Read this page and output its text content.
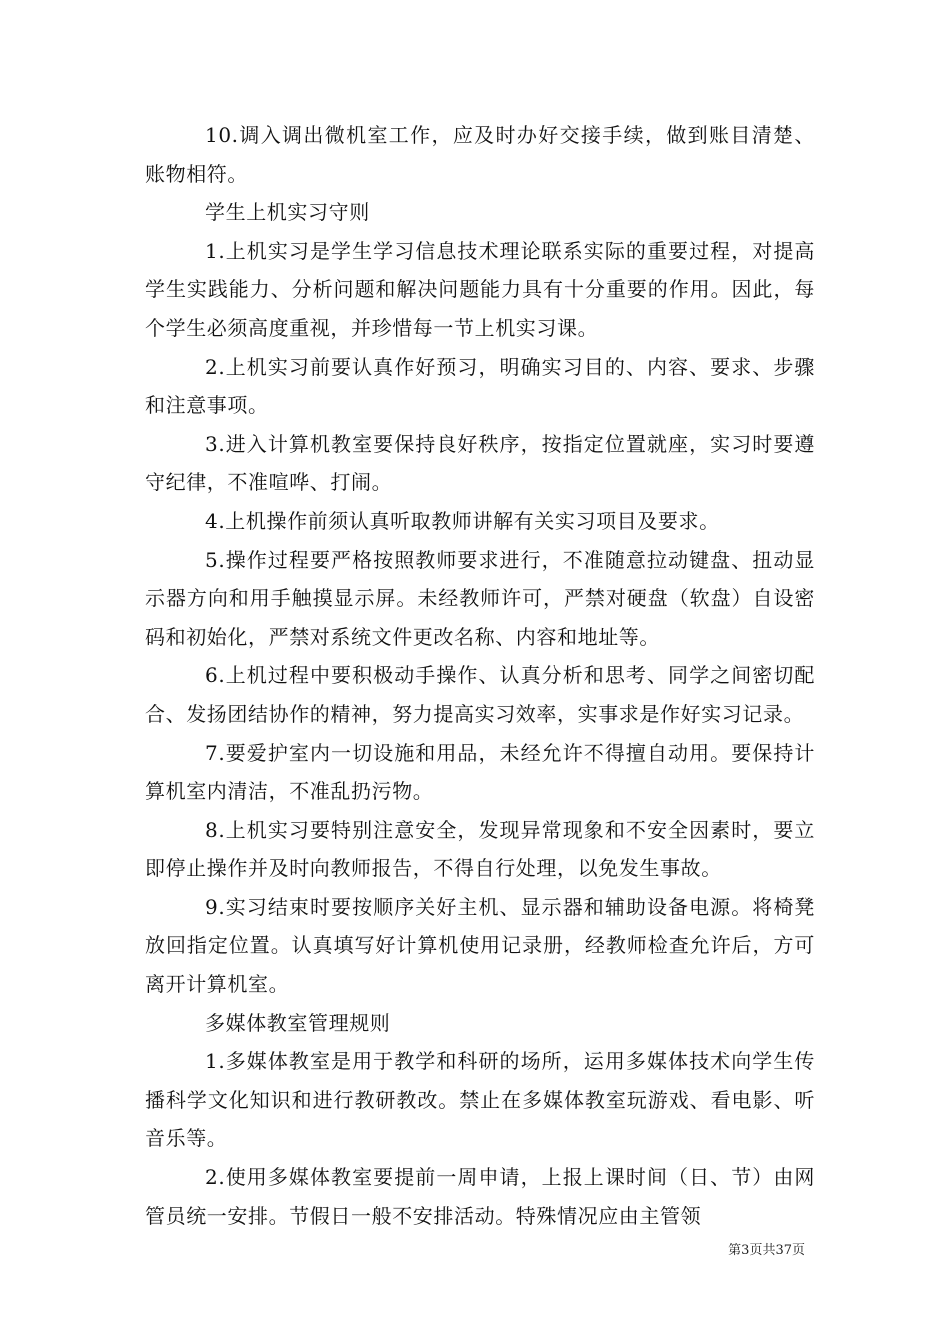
10.调入调出微机室工作，应及时办好交接手续，做到账目清楚、账物相符。

学生上机实习守则

1.上机实习是学生学习信息技术理论联系实际的重要过程，对提高学生实践能力、分析问题和解决问题能力具有十分重要的作用。因此，每个学生必须高度重视，并珍惜每一节上机实习课。

2.上机实习前要认真作好预习，明确实习目的、内容、要求、步骤和注意事项。

3.进入计算机教室要保持良好秩序，按指定位置就座，实习时要遵守纪律，不准喧哗、打闹。

4.上机操作前须认真听取教师讲解有关实习项目及要求。

5.操作过程要严格按照教师要求进行，不准随意拉动键盘、扭动显示器方向和用手触摸显示屏。未经教师许可，严禁对硬盘（软盘）自设密码和初始化，严禁对系统文件更改名称、内容和地址等。

6.上机过程中要积极动手操作、认真分析和思考、同学之间密切配合、发扬团结协作的精神，努力提高实习效率，实事求是作好实习记录。

7.要爱护室内一切设施和用品，未经允许不得擅自动用。要保持计算机室内清洁，不准乱扔污物。

8.上机实习要特别注意安全，发现异常现象和不安全因素时，要立即停止操作并及时向教师报告，不得自行处理，以免发生事故。

9.实习结束时要按顺序关好主机、显示器和辅助设备电源。将椅凳放回指定位置。认真填写好计算机使用记录册，经教师检查允许后，方可离开计算机室。

多媒体教室管理规则

1.多媒体教室是用于教学和科研的场所，运用多媒体技术向学生传播科学文化知识和进行教研教改。禁止在多媒体教室玩游戏、看电影、听音乐等。

2.使用多媒体教室要提前一周申请，上报上课时间（日、节）由网管员统一安排。节假日一般不安排活动。特殊情况应由主管领

第3页共37页
